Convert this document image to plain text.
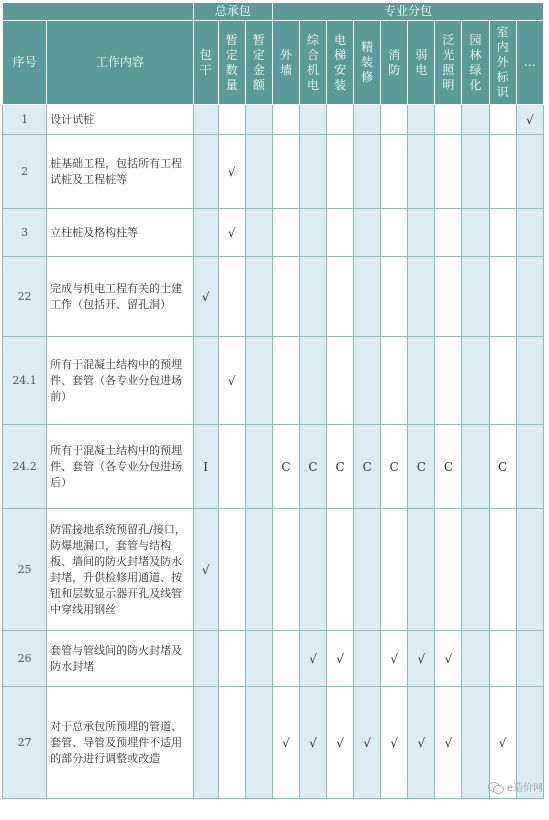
		总承包			专业分包									

序号	工作内容	包干	暂定数量	暂定金额	外墙	综合机电	电梯安装	精装修	消防	弱电	泛光照明	园林绿化	室内外标识	…

1	设计试桩													√
2	桩基础工程，包括所有工程试桩及工程桩等		√											
3	立柱桩及格构柱等		√											
22	完成与机电工程有关的土建工作（包括开、留孔洞）	√												
24.1	所有于混凝土结构中的预埋件、套管（各专业分包进场前）		√											
24.2	所有于混凝土结构中的预埋件、套管（各专业分包进场后）	I			C	C	C	C	C	C	C		C	
25	防雷接地系统预留孔/接口，防爆地漏口，套管与结构板、墙间的防火封堵及防水封堵，升供检修用通道、按钮和层数显示器开孔及线管中穿线用钢丝	√												
26	套管与管线间的防火封堵及防水封堵					√	√		√	√	√			
27	对于总承包所预埋的管道、套管、导管及预埋件不适用的部分进行调整或改造				√	√	√	√	√	√	√		√	
e造价网
